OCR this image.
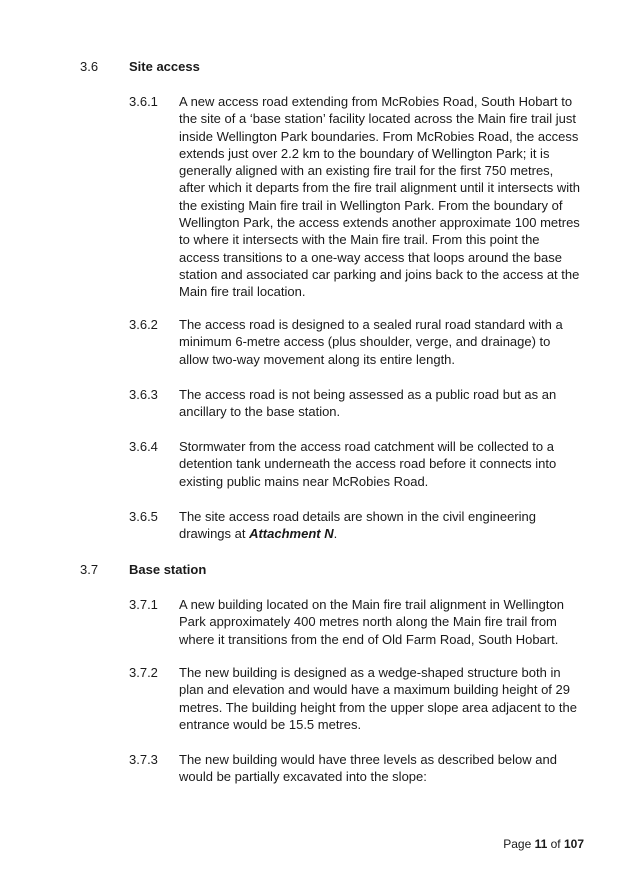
3.6 Site access
3.6.1 A new access road extending from McRobies Road, South Hobart to the site of a ‘base station’ facility located across the Main fire trail just inside Wellington Park boundaries. From McRobies Road, the access extends just over 2.2 km to the boundary of Wellington Park; it is generally aligned with an existing fire trail for the first 750 metres, after which it departs from the fire trail alignment until it intersects with the existing Main fire trail in Wellington Park. From the boundary of Wellington Park, the access extends another approximate 100 metres to where it intersects with the Main fire trail. From this point the access transitions to a one-way access that loops around the base station and associated car parking and joins back to the access at the Main fire trail location.
3.6.2 The access road is designed to a sealed rural road standard with a minimum 6-metre access (plus shoulder, verge, and drainage) to allow two-way movement along its entire length.
3.6.3 The access road is not being assessed as a public road but as an ancillary to the base station.
3.6.4 Stormwater from the access road catchment will be collected to a detention tank underneath the access road before it connects into existing public mains near McRobies Road.
3.6.5 The site access road details are shown in the civil engineering drawings at Attachment N.
3.7 Base station
3.7.1 A new building located on the Main fire trail alignment in Wellington Park approximately 400 metres north along the Main fire trail from where it transitions from the end of Old Farm Road, South Hobart.
3.7.2 The new building is designed as a wedge-shaped structure both in plan and elevation and would have a maximum building height of 29 metres. The building height from the upper slope area adjacent to the entrance would be 15.5 metres.
3.7.3 The new building would have three levels as described below and would be partially excavated into the slope:
Page 11 of 107
